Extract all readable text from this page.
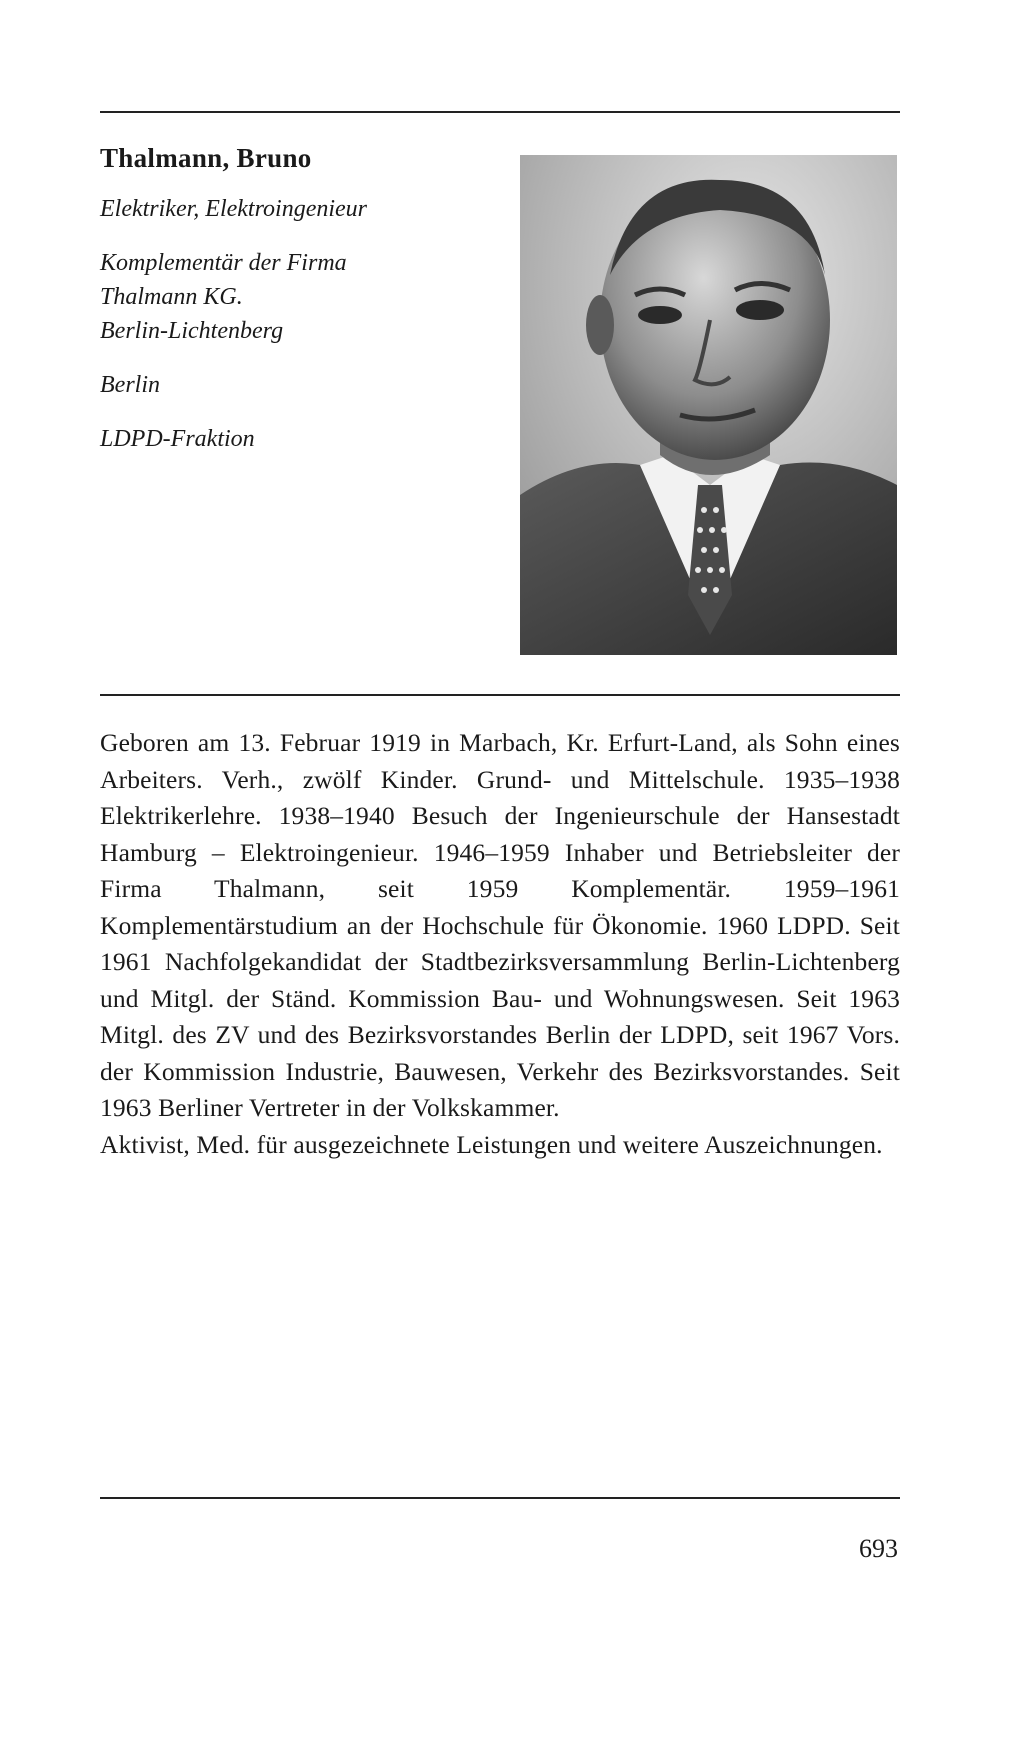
Thalmann, Bruno

Elektriker, Elektroingenieur

Komplementär der Firma

Thalmann KG.

Berlin-Lichtenberg

Berlin

LDPD-Fraktion

Geboren am 13. Februar 1919 in Marbach, Kr. Erfurt-Land, als Sohn eines Arbeiters. Verh., zwölf Kinder. Grund- und Mittelschule. 1935–1938 Elektrikerlehre. 1938–1940 Besuch der Ingenieurschule der Hansestadt Hamburg – Elektroingenieur. 1946–1959 Inhaber und Betriebsleiter der Firma Thalmann, seit 1959 Komplementär. 1959–1961 Komplementärstudium an der Hochschule für Ökonomie. 1960 LDPD. Seit 1961 Nachfolgekandidat der Stadtbezirksversammlung Berlin-Lichtenberg und Mitgl. der Ständ. Kommission Bau- und Wohnungswesen. Seit 1963 Mitgl. des ZV und des Bezirksvorstandes Berlin der LDPD, seit 1967 Vors. der Kommission Industrie, Bauwesen, Verkehr des Bezirksvorstandes. Seit 1963 Berliner Vertreter in der Volkskammer.

Aktivist, Med. für ausgezeichnete Leistungen und weitere Auszeichnungen.

693
